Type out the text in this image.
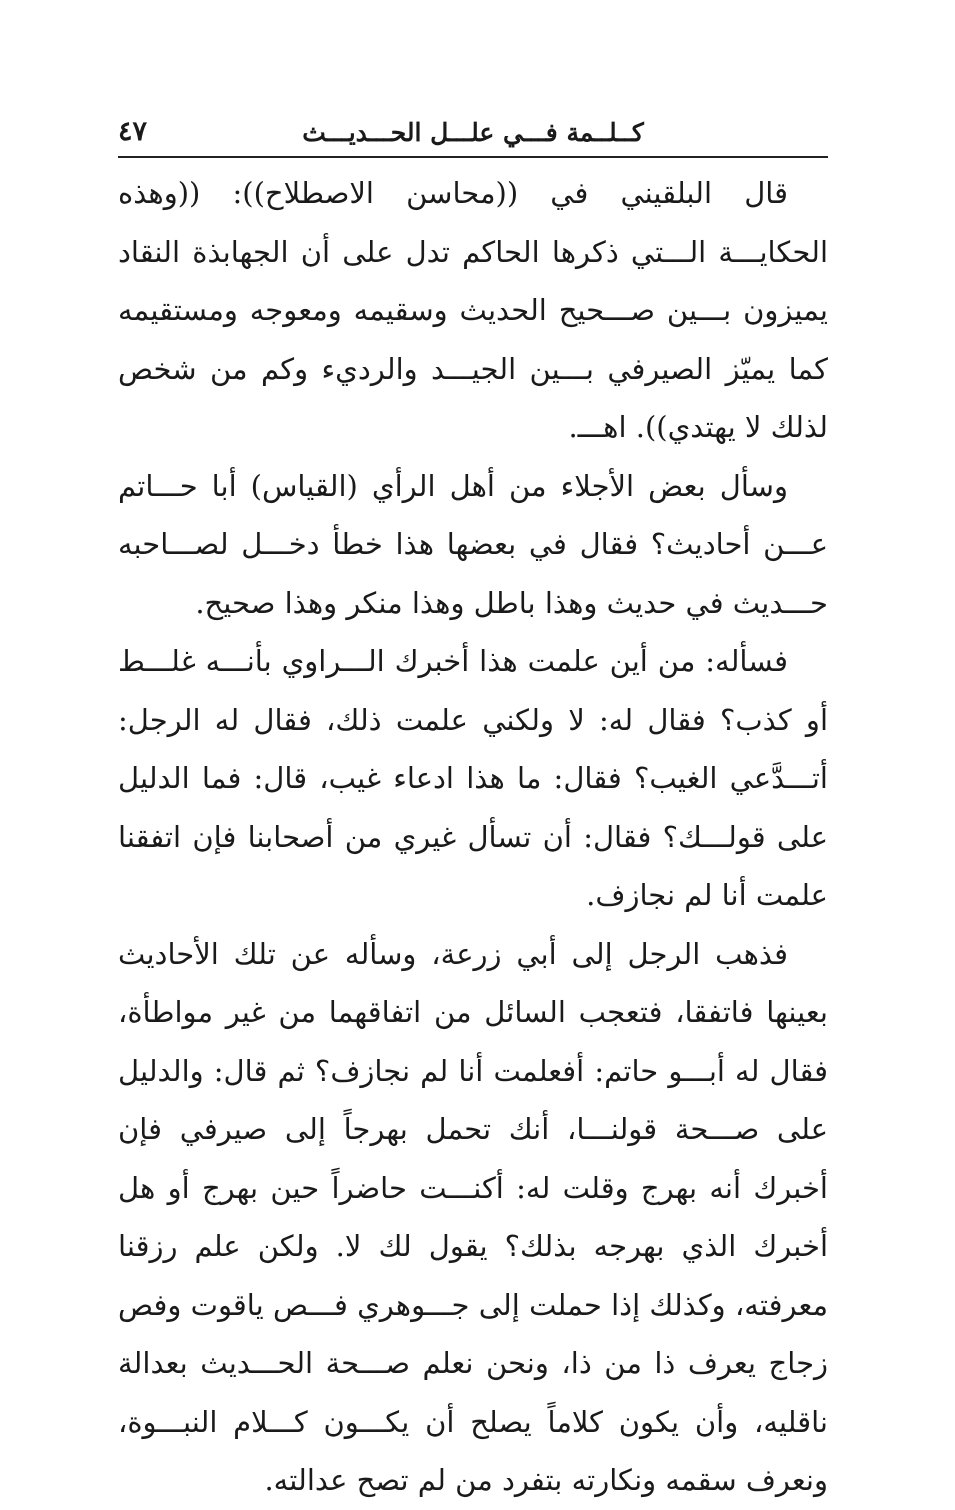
٤٧	كــلــمة فـــي علـــل الحـــديـــث

قال البلقيني في ((محاسن الاصطلاح)): ((وهذه الحكايـــة الـــتي ذكرها الحاكم تدل على أن الجهابذة النقاد يميزون بـــين صـــحيح الحديث وسقيمه ومعوجه ومستقيمه كما يميّز الصيرفي بـــين الجيـــد والرديء وكم من شخص لذلك لا يهتدي)). اهـــ.

وسأل بعض الأجلاء من أهل الرأي (القياس) أبا حـــاتم عـــن أحاديث؟ فقال في بعضها هذا خطأ دخـــل لصـــاحبه حـــديث في حديث وهذا باطل وهذا منكر وهذا صحيح.

فسأله: من أين علمت هذا أخبرك الـــراوي بأنـــه غلـــط أو كذب؟ فقال له: لا ولكني علمت ذلك، فقال له الرجل: أتـــدَّعي الغيب؟ فقال: ما هذا ادعاء غيب، قال: فما الدليل على قولـــك؟ فقال: أن تسأل غيري من أصحابنا فإن اتفقنا علمت أنا لم نجازف.

فذهب الرجل إلى أبي زرعة، وسأله عن تلك الأحاديث بعينها فاتفقا، فتعجب السائل من اتفاقهما من غير مواطأة، فقال له أبـــو حاتم: أفعلمت أنا لم نجازف؟ ثم قال: والدليل على صـــحة قولنـــا، أنك تحمل بهرجاً إلى صيرفي فإن أخبرك أنه بهرج وقلت له: أكنـــت حاضراً حين بهرج أو هل أخبرك الذي بهرجه بذلك؟ يقول لك لا. ولكن علم رزقنا معرفته، وكذلك إذا حملت إلى جـــوهري فـــص ياقوت وفص زجاج يعرف ذا من ذا، ونحن نعلم صـــحة الحـــديث بعدالة ناقليه، وأن يكون كلاماً يصلح أن يكـــون كـــلام النبـــوة، ونعرف سقمه ونكارته بتفرد من لم تصح عدالته.
